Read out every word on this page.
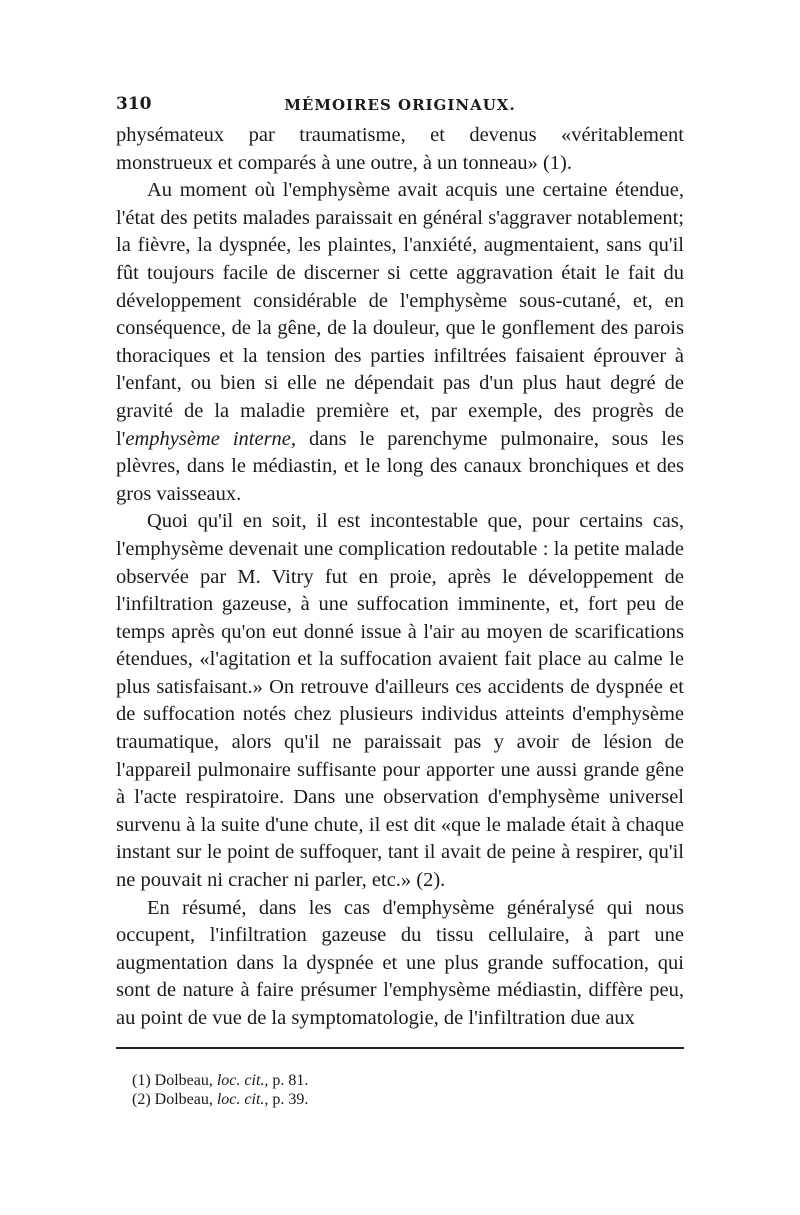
310	MÉMOIRES ORIGINAUX.

physémateux par traumatisme, et devenus «véritablement monstrueux et comparés à une outre, à un tonneau» (1).

Au moment où l'emphysème avait acquis une certaine étendue, l'état des petits malades paraissait en général s'aggraver notablement; la fièvre, la dyspnée, les plaintes, l'anxiété, augmentaient, sans qu'il fût toujours facile de discerner si cette aggravation était le fait du développement considérable de l'emphysème sous-cutané, et, en conséquence, de la gêne, de la douleur, que le gonflement des parois thoraciques et la tension des parties infiltrées faisaient éprouver à l'enfant, ou bien si elle ne dépendait pas d'un plus haut degré de gravité de la maladie première et, par exemple, des progrès de l'emphysème interne, dans le parenchyme pulmonaire, sous les plèvres, dans le médiastin, et le long des canaux bronchiques et des gros vaisseaux.

Quoi qu'il en soit, il est incontestable que, pour certains cas, l'emphysème devenait une complication redoutable : la petite malade observée par M. Vitry fut en proie, après le développement de l'infiltration gazeuse, à une suffocation imminente, et, fort peu de temps après qu'on eut donné issue à l'air au moyen de scarifications étendues, «l'agitation et la suffocation avaient fait place au calme le plus satisfaisant.» On retrouve d'ailleurs ces accidents de dyspnée et de suffocation notés chez plusieurs individus atteints d'emphysème traumatique, alors qu'il ne paraissait pas y avoir de lésion de l'appareil pulmonaire suffisante pour apporter une aussi grande gêne à l'acte respiratoire. Dans une observation d'emphysème universel survenu à la suite d'une chute, il est dit «que le malade était à chaque instant sur le point de suffoquer, tant il avait de peine à respirer, qu'il ne pouvait ni cracher ni parler, etc.» (2).

En résumé, dans les cas d'emphysème généralysé qui nous occupent, l'infiltration gazeuse du tissu cellulaire, à part une augmentation dans la dyspnée et une plus grande suffocation, qui sont de nature à faire présumer l'emphysème médiastin, diffère peu, au point de vue de la symptomatologie, de l'infiltration due aux

(1) Dolbeau, loc. cit., p. 81.

(2) Dolbeau, loc. cit., p. 39.
